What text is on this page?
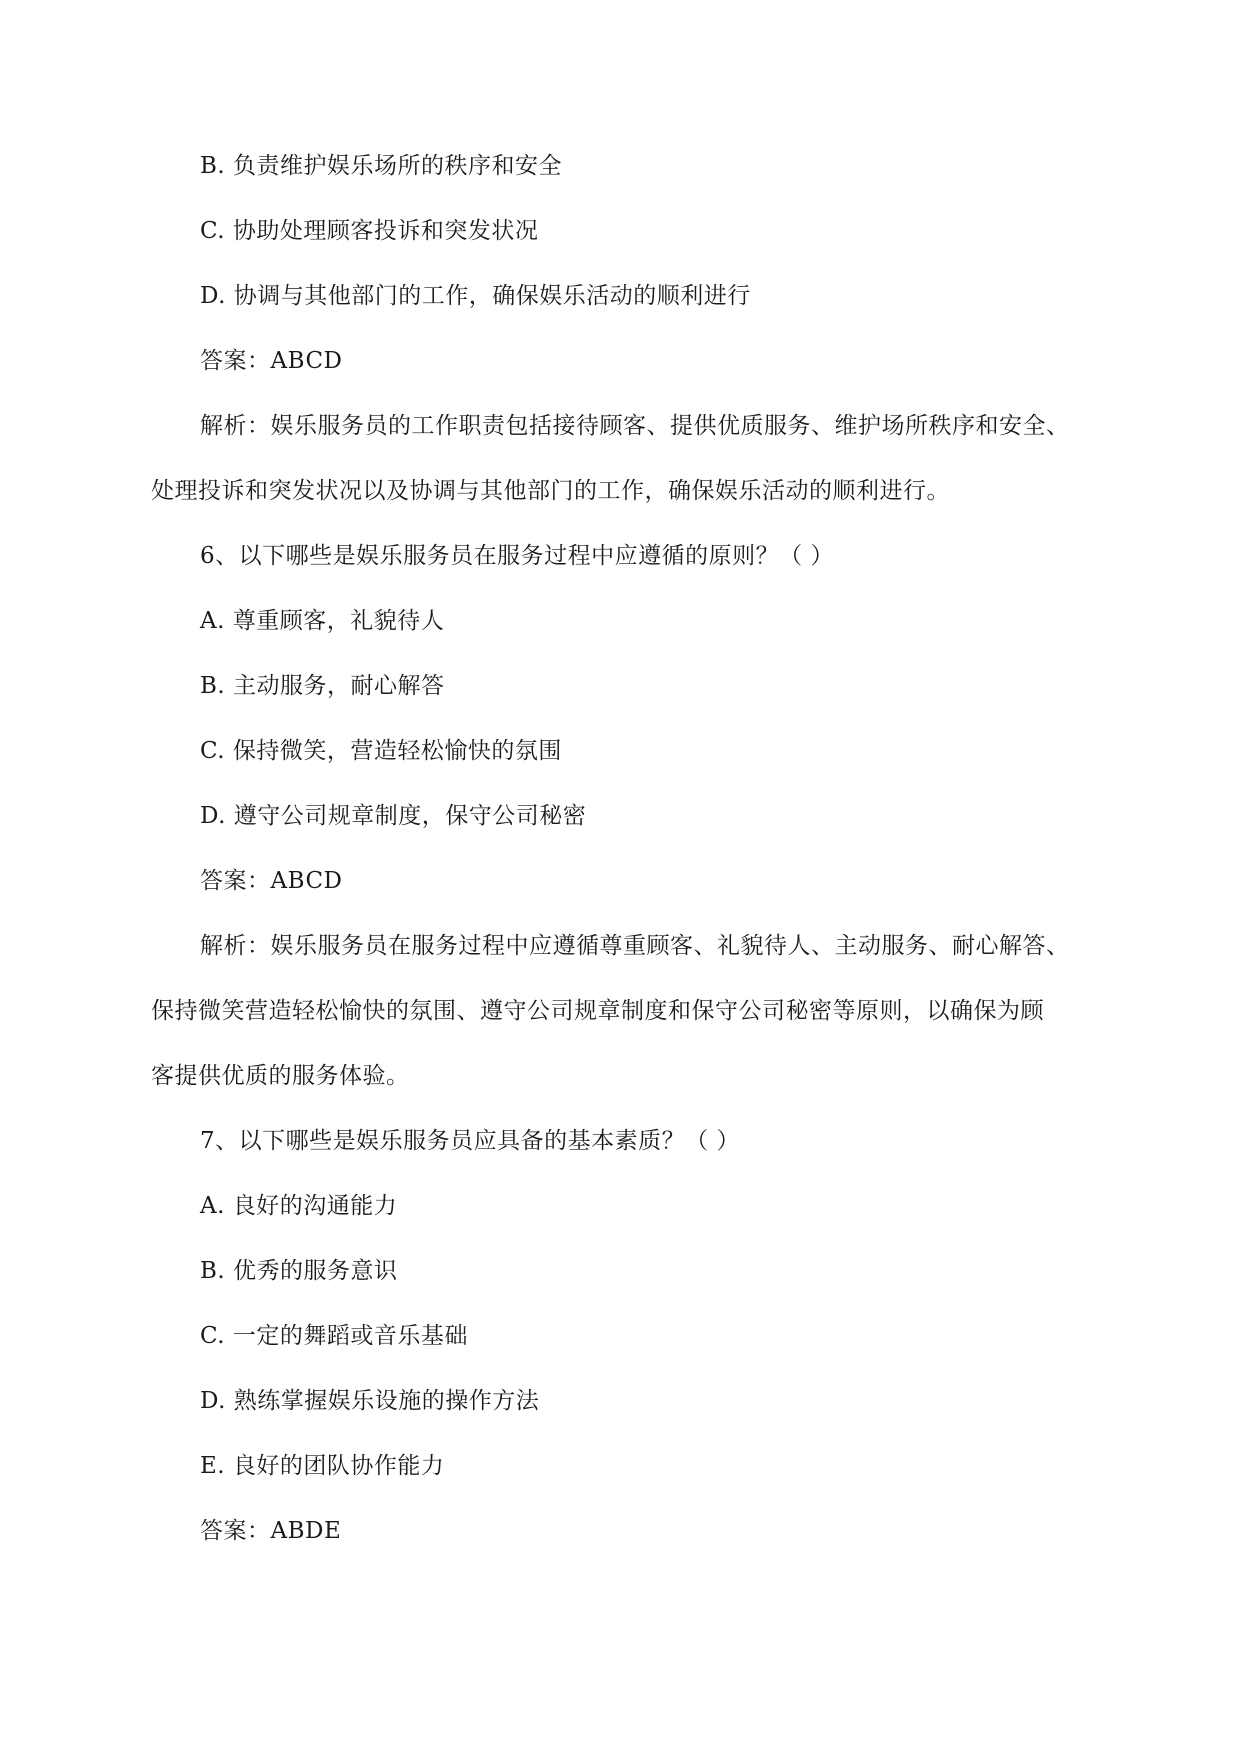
B. 负责维护娱乐场所的秩序和安全
C. 协助处理顾客投诉和突发状况
D. 协调与其他部门的工作，确保娱乐活动的顺利进行
答案：ABCD
解析：娱乐服务员的工作职责包括接待顾客、提供优质服务、维护场所秩序和安全、
处理投诉和突发状况以及协调与其他部门的工作，确保娱乐活动的顺利进行。
6、以下哪些是娱乐服务员在服务过程中应遵循的原则？（ ）
A. 尊重顾客，礼貌待人
B. 主动服务，耐心解答
C. 保持微笑，营造轻松愉快的氛围
D. 遵守公司规章制度，保守公司秘密
答案：ABCD
解析：娱乐服务员在服务过程中应遵循尊重顾客、礼貌待人、主动服务、耐心解答、
保持微笑营造轻松愉快的氛围、遵守公司规章制度和保守公司秘密等原则，以确保为顾
客提供优质的服务体验。
7、以下哪些是娱乐服务员应具备的基本素质？（ ）
A. 良好的沟通能力
B. 优秀的服务意识
C. 一定的舞蹈或音乐基础
D. 熟练掌握娱乐设施的操作方法
E. 良好的团队协作能力
答案：ABDE
